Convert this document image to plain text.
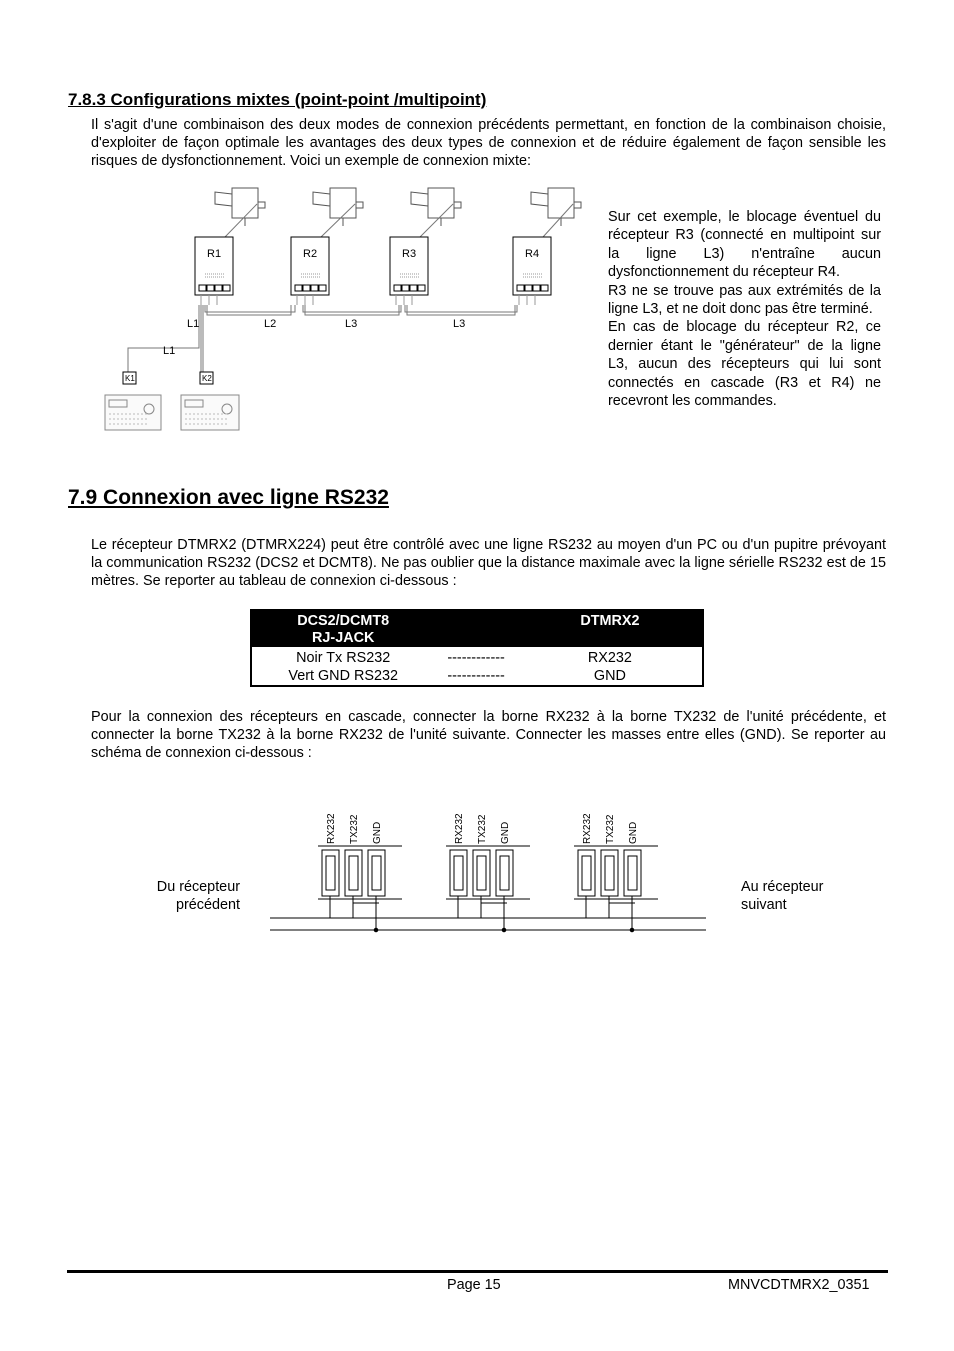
7.8.3 Configurations mixtes (point-point /multipoint)
Il s'agit d'une combinaison des deux modes de connexion précédents permettant, en fonction de la combinaison choisie, d'exploiter de façon optimale les avantages des deux types de connexion et de réduire également de façon sensible les risques de dysfonctionnement. Voici un exemple de connexion mixte:
R1	R2	R3	R4
L1	L2	L3	L3
L1
K1	K2

Sur cet exemple, le blocage éventuel du récepteur R3 (connecté en multipoint sur la ligne L3) n'entraîne aucun dysfonctionnement du récepteur R4.

R3 ne se trouve pas aux extrémités de la ligne L3, et ne doit donc pas être terminé.

En cas de blocage du récepteur R2, ce dernier étant le "générateur" de la ligne L3, aucun des récepteurs qui lui sont connectés en cascade (R3 et R4) ne recevront les commandes.

7.9 Connexion avec ligne RS232
Le récepteur DTMRX2 (DTMRX224) peut être contrôlé avec une ligne RS232 au moyen d'un PC ou d'un pupitre prévoyant la communication RS232 (DCS2 et DCMT8). Ne pas oublier que la distance maximale avec la ligne sérielle RS232 est de 15 mètres. Se reporter au tableau de connexion ci-dessous :
DCS2/DCMT8
RJ-JACK		DTMRX2
Noir Tx RS232	------------	RX232
Vert GND RS232	------------	GND
Pour la connexion des récepteurs en cascade, connecter la borne RX232 à la borne TX232 de l'unité précédente, et connecter la borne TX232 à la borne RX232 de l'unité suivante. Connecter les masses entre elles (GND). Se reporter au schéma de connexion ci-dessous :
Du récepteur
précédent
Au récepteur
suivant
RX232 TX232 GND	RX232 TX232 GND	RX232 TX232 GND
Page 15	MNVCDTMRX2_0351
